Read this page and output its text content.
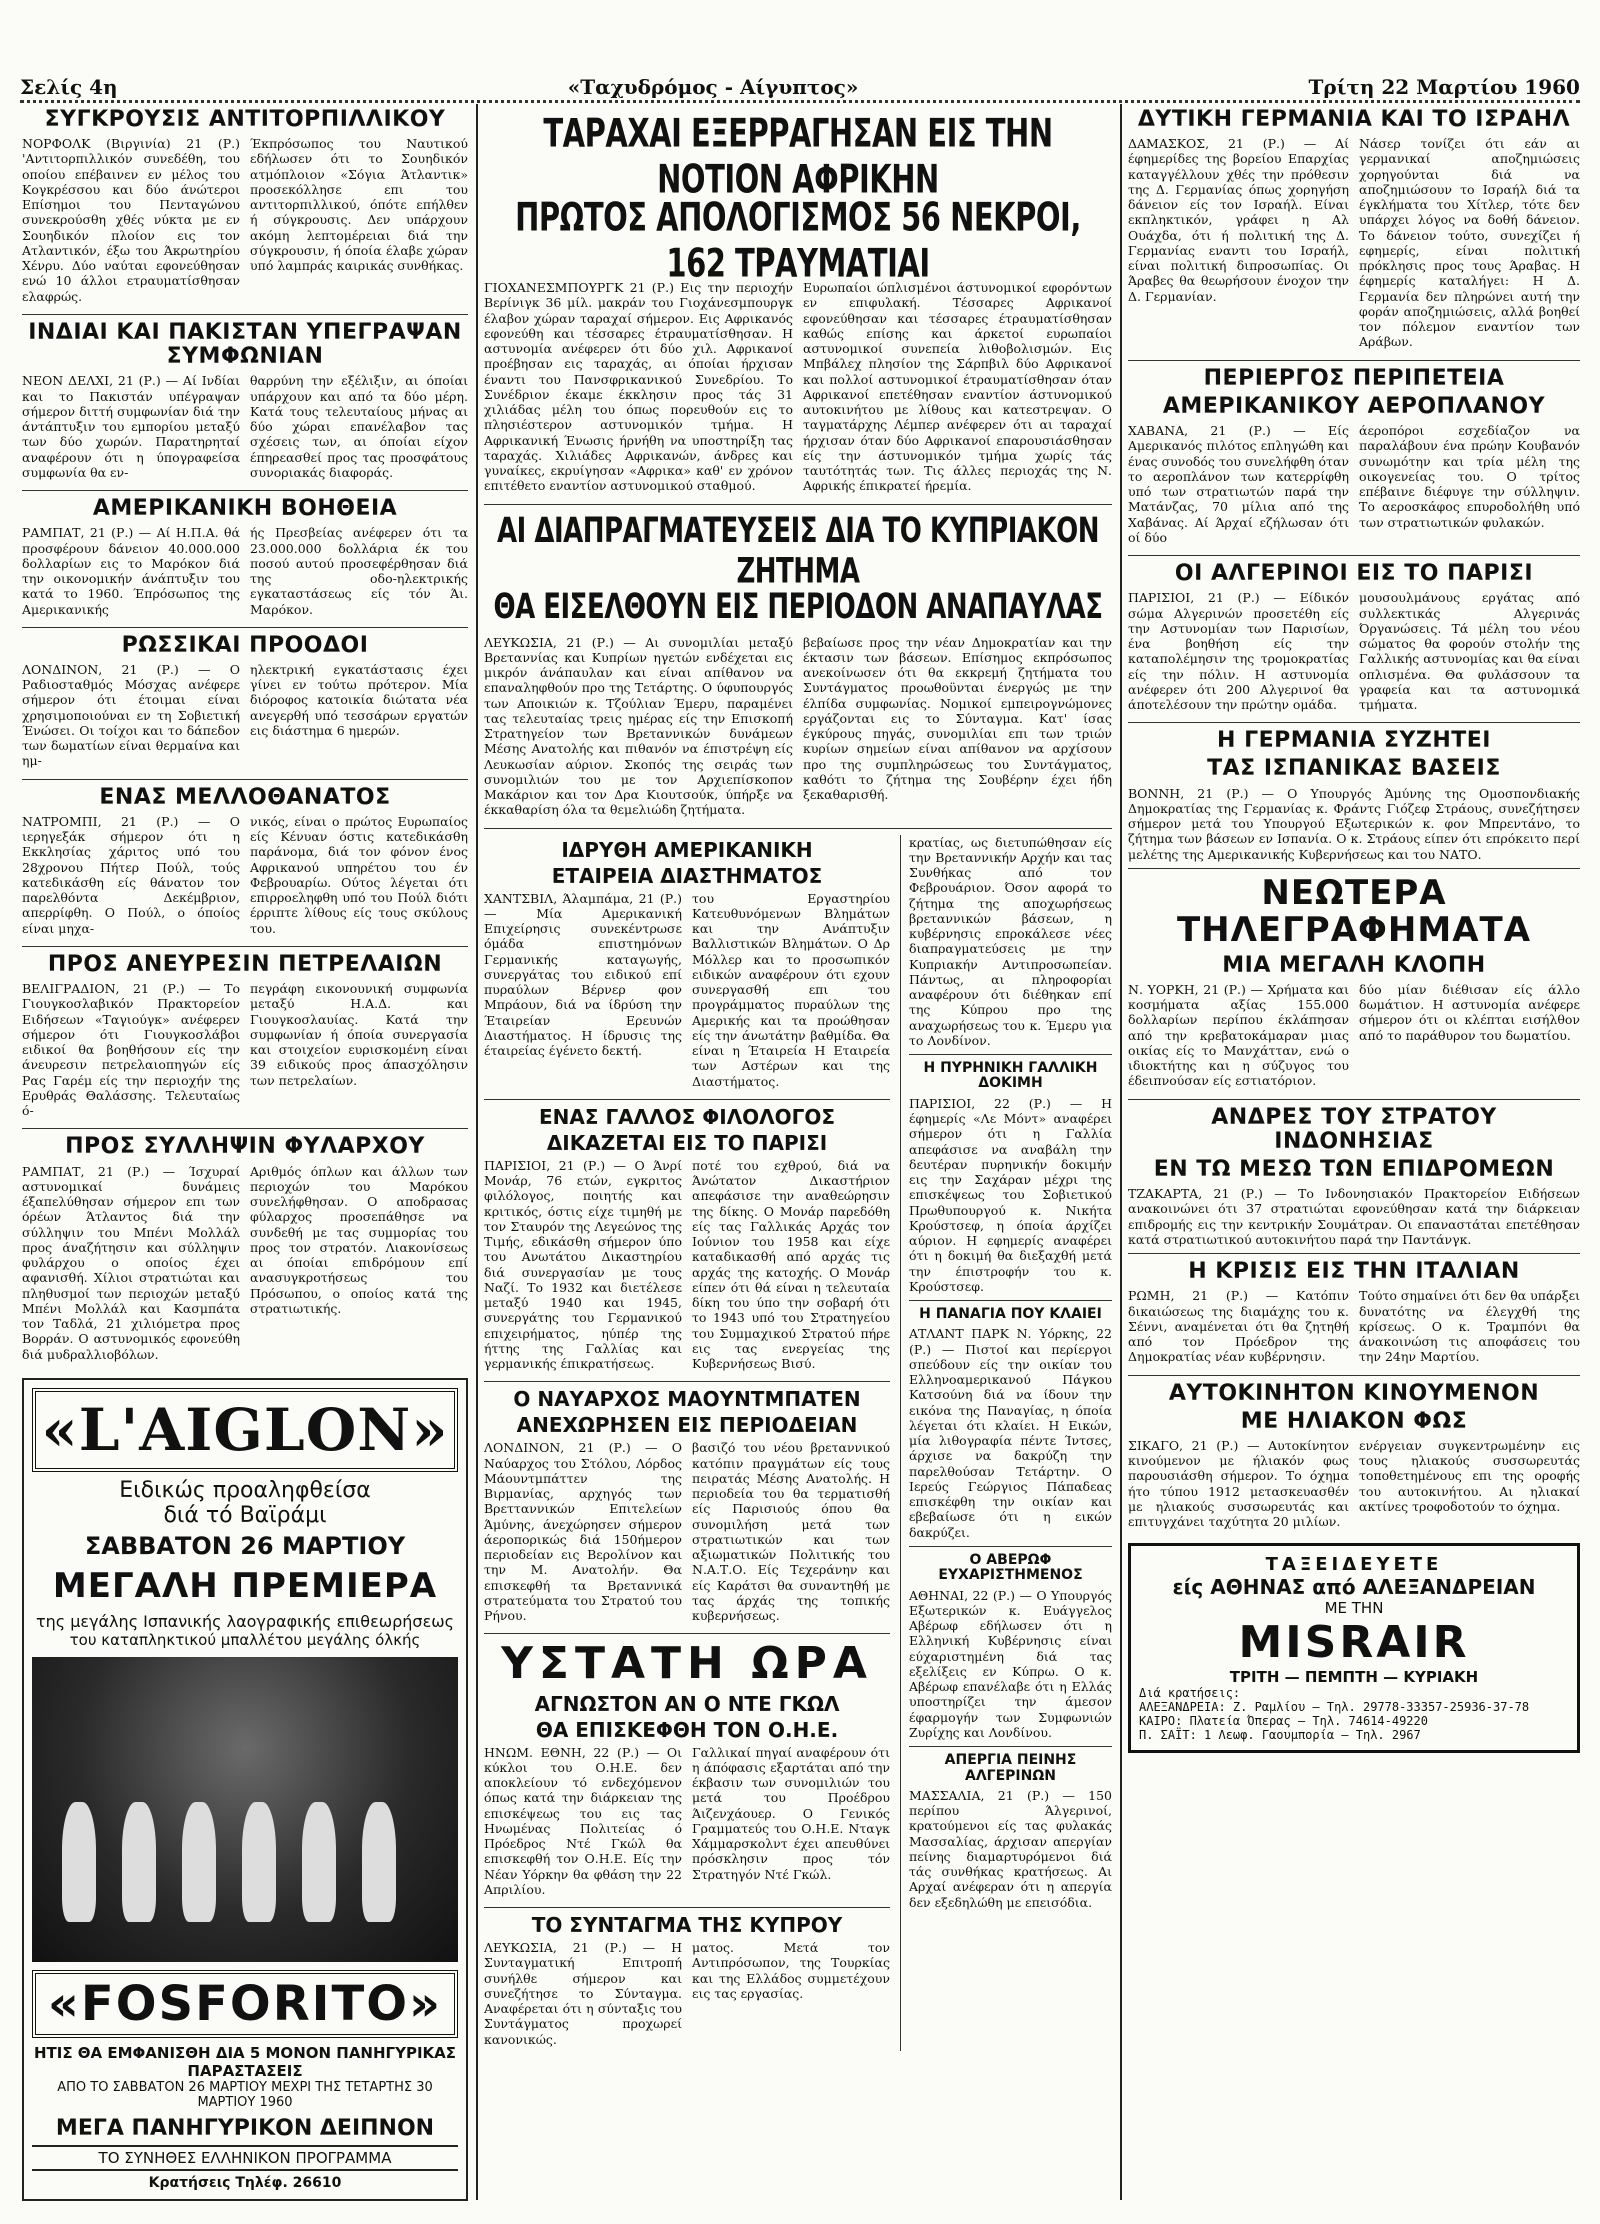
Σελίς 4η	«Ταχυδρόμος - Αίγυπτος»	Τρίτη 22 Μαρτίου 1960
ΣΥΓΚΡΟΥΣΙΣ ΑΝΤΙΤΟΡΠΙΛΛΙΚΟΥ
ΝΟΡΦΟΛΚ (Βιργινία) 21 (Ρ.) 'Αντιτορπιλλικόν συνεδέθη, του οποίου επέβαινεν εν μέλος του Κογκρέσσου και δύο άνώτεροι Επίσημοι του Πενταγώνου συνεκρούσθη χθές νύκτα με εν Σουηδικόν πλοίον εις τον Ατλαντικόν, έξω του Άκρωτηρίου Χένρυ. Δύο ναύται εφονεύθησαν ενώ 10 άλλοι ετραυματίσθησαν ελαφρώς.
Έκπρόσωπος του Ναυτικού εδήλωσεν ότι το Σουηδικόν ατμόπλοιον «Σόγια Άτλαντικ» προσεκόλλησε επι του αντιτορπιλλικού, όπότε επήλθεν ή σύγκρουσις. Δεν υπάρχουν ακόμη λεπτομέρειαι διά την σύγκρουσιν, ή όποία έλαβε χώραν υπό λαμπράς καιρικάς συνθήκας.
ΙΝΔΙΑΙ ΚΑΙ ΠΑΚΙΣΤΑΝ ΥΠΕΓΡΑΨΑΝ ΣΥΜΦΩΝΙΑΝ
ΝΕΟΝ ΔΕΛΧΙ, 21 (Ρ.) — Αί Ινδίαι και το Πακιστάν υπέγραψαν σήμερον διττή συμφωνίαν διά την άντάπτυξιν του εμπορίου μεταξύ των δύο χωρών. Παρατηρηταί αναφέρουν ότι η ύπογραφείσα συμφωνία θα εν-
θαρρύνη την εξέλιξιν, αι όποίαι υπάρχουν και από τα δύο μέρη. Κατά τους τελευταίους μήνας αι δύο χώραι επανέλαβον τας σχέσεις των, αι όποίαι είχον έπηρεασθεί προς τας προσφάτους συνοριακάς διαφοράς.
ΑΜΕΡΙΚΑΝΙΚΗ ΒΟΗΘΕΙΑ
ΡΑΜΠΑΤ, 21 (Ρ.) — Αί Η.Π.Α. θά προσφέρουν δάνειον 40.000.000 δολλαρίων εις το Μαρόκον διά την οικονομικήν άνάπτυξιν του κατά το 1960. Έπρόσωπος της Αμερικανικής
ής Πρεσβείας ανέφερεν ότι τα 23.000.000 δολλάρια έκ του ποσού αυτού προσεφέρθησαν διά της οδο-ηλεκτρικής εγκαταστάσεως είς τόν Άι. Μαρόκον.
ΡΩΣΣΙΚΑΙ ΠΡΟΟΔΟΙ
ΛΟΝΔΙΝΟΝ, 21 (Ρ.) — Ο Ραδιοσταθμός Μόσχας ανέφερε σήμερον ότι έτοιμαι είναι χρησιμοποιούναι εν τη Σοβιετική Ένώσει. Οι τοίχοι και το δάπεδον των δωματίων είναι θερμαίνα και ημ-
ηλεκτρική εγκατάστασις έχει γίνει εν τούτω πρότερον. Μία διόροφος κατοικία διώτατα νέα ανεγερθή υπό τεσσάρων εργατών εις διάστημα 6 ημερών.
ΕΝΑΣ ΜΕΛΛΟΘΑΝΑΤΟΣ
ΝΑΤΡΟΜΠΙ, 21 (Ρ.) — Ο ιερηγεξάκ σήμερον ότι η Εκκλησίας χάριτος υπό του 28χρονου Πήτερ Πούλ, τούς κατεδικάσθη είς θάνατον τον παρελθόντα Δεκέμβριον, απερρίφθη. Ο Πούλ, ο όποίος είναι μηχα-
νικός, είναι ο πρώτος Ευρωπαίος είς Κένυαν όστις κατεδικάσθη παράνομα, διά τον φόνον ένος Αφρικανού υπηρέτου του έν Φεβρουαρίω. Ούτος λέγεται ότι επιρροεληφθη υπό του Πούλ διότι έρριπτε λίθους είς τους σκύλους του.
ΠΡΟΣ ΑΝΕΥΡΕΣΙΝ ΠΕΤΡΕΛΑΙΩΝ
ΒΕΛΙΓΡΑΔΙΟΝ, 21 (Ρ.) — Το Γιουγκοσλαβικόν Πρακτορείον Ειδήσεων «Ταγιούγκ» ανέφερεν σήμερον ότι Γιουγκοσλάβοι ειδικοί θα βοηθήσουν είς την άνευρεσιν πετρελαιοπηγών είς Ρας Γαρέμ είς την περιοχήν της Ερυθράς Θαλάσσης. Τελευταίως ό-
πεγράφη εικονουνική συμφωνία μεταξύ Η.Α.Δ. και Γιουγκοσλαυίας. Κατά την συμφωνίαν ή όποία συνεργασία και στοιχείον ευρισκομένη είναι 39 ειδικούς προς άπασχόλησιν των πετρελαίων.
ΠΡΟΣ ΣΥΛΛΗΨΙΝ ΦΥΛΑΡΧΟΥ
ΡΑΜΠΑΤ, 21 (Ρ.) — Ίσχυραί αστυνομικαί δυνάμεις έξαπελύθησαν σήμερον επι των όρέων Άτλαντος διά την σύλληψιν του Μπένι Μολλάλ προς άναζήτησιν και σύλληψιν φυλάρχου ο οποίος έχει αφανισθή. Χίλιοι στρατιώται και πληθυσμοί των περιοχών μεταξύ Μπένι Μολλάλ και Κασμπάτα τον Ταδλά, 21 χιλιόμετρα προς Βορράν. Ο αστυνομικός εφονεύθη διά μυδραλλιοβόλων.
Αριθμός όπλων και άλλων των περιοχών του Μαρόκου συνελήφθησαν. Ο αποδρασας φύλαρχος προσεπάθησε να συνδεθή με τας συμμορίας του προς τον στρατόν. Λιακονίσεως αι όποίαι επιδρόμουν επί ανασυγκροτήσεως του Πρόσωπου, ο οποίος κατά της στρατιωτικής.
«L'AIGLON»
Ειδικώς προαληφθείσα
διά τό Βαϊράμι
ΣΑΒΒΑΤΟΝ 26 ΜΑΡΤΙΟΥ
ΜΕΓΑΛΗ ΠΡΕΜΙΕΡΑ
της μεγάλης Ισπανικής λαογραφικής επιθεωρήσεως
του καταπληκτικού μπαλλέτου μεγάλης όλκής
«FOSFORITO»
ΗΤΙΣ ΘΑ ΕΜΦΑΝΙΣΘΗ ΔΙΑ 5 ΜΟΝΟΝ ΠΑΝΗΓΥΡΙΚΑΣ ΠΑΡΑΣΤΑΣΕΙΣ
ΑΠΟ ΤΟ ΣΑΒΒΑΤΟΝ 26 ΜΑΡΤΙΟΥ ΜΕΧΡΙ ΤΗΣ ΤΕΤΑΡΤΗΣ 30 ΜΑΡΤΙΟΥ 1960
ΜΕΓΑ ΠΑΝΗΓΥΡΙΚΟΝ ΔΕΙΠΝΟΝ
ΤΟ ΣΥΝΗΘΕΣ ΕΛΛΗΝΙΚΟΝ ΠΡΟΓΡΑΜΜΑ
Κρατήσεις Τηλέφ. 26610
ΤΑΡΑΧΑΙ ΕΞΕΡΡΑΓΗΣΑΝ ΕΙΣ ΤΗΝ ΝΟΤΙΟΝ ΑΦΡΙΚΗΝ
ΠΡΩΤΟΣ ΑΠΟΛΟΓΙΣΜΟΣ 56 ΝΕΚΡΟΙ, 162 ΤΡΑΥΜΑΤΙΑΙ
ΓΙΟΧΑΝΕΣΜΠΟΥΡΓΚ 21 (Ρ.) Εις την περιοχήν Βερίνιγκ 36 μίλ. μακράν του Γιοχάνεσμπουργκ έλαβον χώραν ταραχαί σήμερον. Εις Αφρικανός εφονεύθη και τέσσαρες έτραυματίσθησαν. Η αστυνομία ανέφερεν ότι δύο χιλ. Αφρικανοί προέβησαν εις ταραχάς, αι όποίαι ήρχισαν έναντι του Πανσφρικανικού Συνεδρίου. Το Συνέδριον έκαμε έκκλησιν προς τάς 31 χιλιάδας μέλη του όπως πορευθούν εις το πλησιέστερον αστυνομικόν τμήμα. Η Αφρικανική Ένωσις ήρνήθη να υποστηρίξη τας ταραχάς. Χιλιάδες Αφρικανών, άνδρες και γυναίκες, εκρυίγησαν «Αφρικα» καθ' εν χρόνον επιτέθετο εναντίον αστυνομικού σταθμού.
Ευρωπαίοι ώπλισμένοι άστυνομικοί εφορόντων εν επιφυλακή. Τέσσαρες Αφρικανοί εφονεύθησαν και τέσσαρες έτραυματίσθησαν καθώς επίσης και άρκετοί ευρωπαίοι αστυνομικοί συνεπεία λιθοβολισμών. Εις Μπβάλεχ πλησίον της Σάρπβιλ δύο Αφρικανοί και πολλοί αστυνομικοί έτραυματίσθησαν όταν Αφρικανοί επετέθησαν εναντίον άστυνομικού αυτοκινήτου με λίθους και κατεστρεψαν. Ο ταγματάρχης Λέμπερ ανέφερεν ότι αι ταραχαί ήρχισαν όταν δύο Αφρικανοί επαρουσιάσθησαν είς την άστυνομικόν τμήμα χωρίς τάς ταυτότητάς των. Τις άλλες περιοχάς της Ν. Αφρικής έπικρατεί ήρεμία.
ΑΙ ΔΙΑΠΡΑΓΜΑΤΕΥΣΕΙΣ ΔΙΑ ΤΟ ΚΥΠΡΙΑΚΟΝ ΖΗΤΗΜΑ
ΘΑ ΕΙΣΕΛΘΟΥΝ ΕΙΣ ΠΕΡΙΟΔΟΝ ΑΝΑΠΑΥΛΑΣ
ΛΕΥΚΩΣΙΑ, 21 (Ρ.) — Αι συνομιλίαι μεταξύ Βρεταννίας και Κυπρίων ηγετών ενδέχεται εις μικρόν άνάπαυλαν και είναι απίθανον να επαναληφθούν προ της Τετάρτης. Ο ύφυπουργός των Αποικιών κ. Τζούλιαν Έμερυ, παραμένει τας τελευταίας τρεις ημέρας είς την Επισκοπή Στρατηγείον των Βρεταννικών δυνάμεων Μέσης Ανατολής και πιθανόν να έπιστρέψη είς Λευκωσίαν αύριον. Σκοπός της σειράς των συνομιλιών του με τον Αρχιεπίσκοπον Μακάριον και τον Δρα Κιουτσούκ, ύπήρξε να έκκαθαρίση όλα τα θεμελιώδη ζητήματα.
βεβαίωσε προς την νέαν Δημοκρατίαν και την έκτασιν των βάσεων. Επίσημος εκπρόσωπος ανεκοίνωσεν ότι θα εκκρεμή ζητήματα του Συντάγματος προωθοϋνται ένεργώς με την έλπίδα συμφωνίας. Νομικοί εμπειρογνώμονες εργάζονται εις το Σύνταγμα. Κατ' ίσας έγκύρους πηγάς, συνομιλίαι επι των τριών κυρίων σημείων είναι απίθανον να αρχίσουν προ της συμπληρώσεως του Συντάγματος, καθότι το ζήτημα της Σουβέρην έχει ήδη ξεκαθαρισθή.
ΙΔΡΥΘΗ ΑΜΕΡΙΚΑΝΙΚΗ
ΕΤΑΙΡΕΙΑ ΔΙΑΣΤΗΜΑΤΟΣ
ΧΑΝΤΣΒΙΛ, Άλαμπάμα, 21 (Ρ.) — Μία Αμερικανική Επιχείρησις συνεκέντρωσε όμάδα επιστημόνων Γερμανικής καταγωγής, συνεργάτας του ειδικού επί πυραύλων Βέρνερ φον Μπράουν, διά να ίδρύση την Έταιρείαν Ερευνών Διαστήματος. Η ίδρυσις της έταιρείας έγένετο δεκτή.
του Εργαστηρίου Κατευθυνόμενων Βλημάτων και την Ανάπτυξιν Βαλλιστικών Βλημάτων. Ο Δρ Μόλλερ και το προσωπικόν ειδικών αναφέρουν ότι εχουν συνεργασθή επι του προγράμματος πυραύλων της Αμερικής και τα προώθησαν είς την άνωτάτην βαθμίδα. Θα είναι η Έταιρεία Η Εταιρεία των Αστέρων και της Διαστήματος.
ΕΝΑΣ ΓΑΛΛΟΣ ΦΙΛΟΛΟΓΟΣ
ΔΙΚΑΖΕΤΑΙ ΕΙΣ ΤΟ ΠΑΡΙΣΙ
ΠΑΡΙΣΙΟΙ, 21 (Ρ.) — Ο Άνρί Μονάρ, 76 ετών, εγκριτος φιλόλογος, ποιητής και κριτικός, όστις είχε τιμηθή με τον Σταυρόν της Λεγεώνος της Τιμής, εδικάσθη σήμερον ύπο του Ανωτάτου Δικαστηρίου διά συνεργασίαν με τους Ναζί. Το 1932 και διετέλεσε μεταξύ 1940 και 1945, συνεργάτης του Γερμανικού επιχειρήματος, ηύπέρ της ήττης της Γαλλίας και γερμανικής έπικρατήσεως.
ποτέ του εχθρού, διά να Άνώτατον Δικαστήριον απεφάσισε την αναθεώρησιν της δίκης. Ο Μονάρ παρεδόθη είς τας Γαλλικάς Αρχάς τον Ιούνιον του 1958 και είχε καταδικασθή από αρχάς τις αρχάς της κατοχής. Ο Μονάρ είπεν ότι θά είναι η τελευταία δίκη του ύπο την σοβαρή ότι το 1943 υπό του Στρατηγείου του Συμμαχικού Στρατού πήρε εις τας ενεργείας της Κυβερνήσεως Βισύ.
Ο ΝΑΥΑΡΧΟΣ ΜΑΟΥΝΤΜΠΑΤΕΝ
ΑΝΕΧΩΡΗΣΕΝ ΕΙΣ ΠΕΡΙΟΔΕΙΑΝ
ΛΟΝΔΙΝΟΝ, 21 (Ρ.) — Ο Ναύαρχος του Στόλου, Λόρδος Μάουντμπάττεν της Βιρμανίας, αρχηγός των Βρετταννικών Επιτελείων Άμύνης, άνεχώρησεν σήμερον άεροπορικώς διά 150ήμερον περιοδείαν εις Βερολίνον και την Μ. Ανατολήν. Θα επισκεφθή τα Βρεταννικά στρατεύματα του Στρατού του Ρήνου.
βασιζό του νέου βρεταννικού κατόπιν πραγμάτων είς τους πειρατάς Μέσης Ανατολής. Η περιοδεία του θα τερματισθή είς Παρισιούς όπου θα συνομιλήση μετά των στρατιωτικών και των αξιωματικών Πολιτικής του Ν.Α.Τ.Ο. Είς Τεχεράνην και είς Καράτσι θα συναντηθή με τας άρχάς της τοπικής κυβερνήσεως.
ΥΣΤΑΤΗ ΩΡΑ
ΑΓΝΩΣΤΟΝ ΑΝ Ο ΝΤΕ ΓΚΩΛ
ΘΑ ΕΠΙΣΚΕΦΘΗ ΤΟΝ Ο.Η.Ε.
ΗΝΩΜ. ΕΘΝΗ, 22 (Ρ.) — Οι κύκλοι του Ο.Η.Ε. δεν αποκλείουν τό ενδεχόμενον όπως κατά την διάρκειαν της επισκέψεως του εις τας Ηνωμένας Πολιτείας ό Πρόεδρος Ντέ Γκώλ θα επισκεφθή τον Ο.Η.Ε. Είς την Νέαν Υόρκην θα φθάση την 22 Απριλίου.
Γαλλικαί πηγαί αναφέρουν ότι η άπόφασις εξαρτάται από την έκβασιν των συνομιλιών του μετά του Προέδρου Άιζενχάουερ. Ο Γενικός Γραμματεύς του Ο.Η.Ε. Νταγκ Χάμμαρσκολντ έχει απευθύνει πρόσκλησιν προς τόν Στρατηγόν Ντέ Γκώλ.
ΤΟ ΣΥΝΤΑΓΜΑ ΤΗΣ ΚΥΠΡΟΥ
ΛΕΥΚΩΣΙΑ, 21 (Ρ.) — Η Συνταγματική Επιτροπή συνήλθε σήμερον και συνεζήτησε το Σύνταγμα. Αναφέρεται ότι η σύνταξις του Συντάγματος προχωρεί κανονικώς.
ματος. Μετά τον Αντιπρόσωπον, της Τουρκίας και της Ελλάδος συμμετέχουν εις τας εργασίας.
κρατίας, ως διετυπώθησαν είς την Βρεταννικήν Αρχήν και τας Συνθήκας από τον Φεβρουάριον. Όσον αφορά το ζήτημα της αποχωρήσεως βρεταννικών βάσεων, η κυβέρνησις επροκάλεσε νέες διαπραγματεύσεις με την Κυπριακήν Αντιπροσωπείαν. Πάντως, αι πληροφορίαι αναφέρουν ότι διέθηκαν επί της Κύπρου προ της αναχωρήσεως του κ. Έμερυ για το Λονδίνον.
Η ΠΥΡΗΝΙΚΗ ΓΑΛΛΙΚΗ ΔΟΚΙΜΗ
ΠΑΡΙΣΙΟΙ, 22 (Ρ.) — Η έφημερίς «Λε Μόντ» αναφέρει σήμερον ότι η Γαλλία απεφάσισε να αναβάλη την δευτέραν πυρηνικήν δοκιμήν εις την Σαχάραν μέχρι της επισκέψεως του Σοβιετικού Πρωθυπουργού κ. Νικήτα Κρούστσεφ, η όποία άρχίζει αύριον. Η εφημερίς αναφέρει ότι η δοκιμή θα διεξαχθή μετά την έπιστροφήν του κ. Κρούστσεφ.
Η ΠΑΝΑΓΙΑ ΠΟΥ ΚΛΑΙΕΙ
ΑΤΛΑΝΤ ΠΑΡΚ Ν. Υόρκης, 22 (Ρ.) — Πιστοί και περίεργοι σπεύδουν είς την οικίαν του Ελληνοαμερικανού Πάγκου Κατσούνη διά να ίδουν την εικόνα της Παναγίας, η όποία λέγεται ότι κλαίει. Η Εικών, μία λιθογραφία πέντε Ίντσες, άρχισε να δακρύζη την παρελθούσαν Τετάρτην. Ο Ιερεύς Γεώργιος Πάπαδεας επισκέφθη την οικίαν και εβεβαίωσε ότι η εικών δακρύζει.
Ο ΑΒΕΡΩΦ ΕΥΧΑΡΙΣΤΗΜΕΝΟΣ
ΑΘΗΝΑΙ, 22 (Ρ.) — Ο Υπουργός Εξωτερικών κ. Ευάγγελος Αβέρωφ εδήλωσεν ότι η Ελληνική Κυβέρνησις είναι εύχαριστημένη διά τας εξελίξεις εν Κύπρω. Ο κ. Αβέρωφ επανέλαβε ότι η Ελλάς υποστηρίζει την άμεσον έφαρμογήν των Συμφωνιών Ζυρίχης και Λονδίνου.
ΑΠΕΡΓΙΑ ΠΕΙΝΗΣ ΑΛΓΕΡΙΝΩΝ
ΜΑΣΣΑΛΙΑ, 21 (Ρ.) — 150 περίπου Άλγερινοί, κρατούμενοι είς τας φυλακάς Μασσαλίας, άρχισαν απεργίαν πείνης διαμαρτυρόμενοι διά τάς συνθήκας κρατήσεως. Αι Αρχαί ανέφεραν ότι η απεργία δεν εξεδηλώθη με επεισόδια.
ΔΥΤΙΚΗ ΓΕΡΜΑΝΙΑ ΚΑΙ ΤΟ ΙΣΡΑΗΛ
ΔΑΜΑΣΚΟΣ, 21 (Ρ.) — Αί έφημερίδες της βορείου Επαρχίας καταγγέλλουν χθές την πρόθεσιν της Δ. Γερμανίας όπως χορηγήση δάνειον είς τον Ισραήλ. Είναι εκπληκτικόν, γράφει η Αλ Ουάχδα, ότι ή πολιτική της Δ. Γερμανίας εναντι του Ισραήλ, είναι πολιτική διπροσωπίας. Οι Άραβες θα θεωρήσουν ένοχον την Δ. Γερμανίαν.
Νάσερ τονίζει ότι εάν αι γερμανικαί αποζημιώσεις χορηγούνται διά να αποζημιώσουν το Ισραήλ διά τα έγκλήματα του Χίτλερ, τότε δεν υπάρχει λόγος να δοθή δάνειον. Το δάνειον τούτο, συνεχίζει ή εφημερίς, είναι πολιτική πρόκλησις προς τους Άραβας. Η έφημερίς καταλήγει: Η Δ. Γερμανία δεν πληρώνει αυτή την φοράν αποζημιώσεις, αλλά βοηθεί τον πόλεμον εναντίον των Αράβων.
ΠΕΡΙΕΡΓΟΣ ΠΕΡΙΠΕΤΕΙΑ
ΑΜΕΡΙΚΑΝΙΚΟΥ ΑΕΡΟΠΛΑΝΟΥ
ΧΑΒΑΝΑ, 21 (Ρ.) — Είς Αμερικανός πιλότος επληγώθη και ένας συνοδός του συνελήφθη όταν το αεροπλάνον των κατερρίφθη υπό των στρατιωτών παρά την Ματάνζας, 70 μίλια από της Χαβάνας. Αί Άρχαί εζήλωσαν ότι οί δύο
άεροπόροι εσχεδίαζον να παραλάβουν ένα πρώην Κουβανόν συνωμότην και τρία μέλη της οικογενείας του. Ο τρίτος επέβαινε διέφυγε την σύλληψιν. Το αεροσκάφος επυροδολήθη υπό των στρατιωτικών φυλακών.
ΟΙ ΑΛΓΕΡΙΝΟΙ ΕΙΣ ΤΟ ΠΑΡΙΣΙ
ΠΑΡΙΣΙΟΙ, 21 (Ρ.) — Είδικόν σώμα Αλγερινών προσετέθη είς την Αστυνομίαν των Παρισίων, ένα βοηθήση είς την καταπολέμησιν της τρομοκρατίας είς την πόλιν. Η αστυνομία ανέφερεν ότι 200 Αλγερινοί θα άποτελέσουν την πρώτην ομάδα.
μουσουλμάνους εργάτας από συλλεκτικάς Αλγερινάς Όργανώσεις. Τά μέλη του νέου σώματος θα φορούν στολήν της Γαλλικής αστυνομίας και θα είναι οπλισμένα. Θα φυλάσσουν τα γραφεία και τα αστυνομικά τμήματα.
Η ΓΕΡΜΑΝΙΑ ΣΥΖΗΤΕΙ
ΤΑΣ ΙΣΠΑΝΙΚΑΣ ΒΑΣΕΙΣ
ΒΟΝΝΗ, 21 (Ρ.) — Ο Υπουργός Άμύνης της Ομοσπονδιακής Δημοκρατίας της Γερμανίας κ. Φράντς Γιόζεφ Στράους, συνεζήτησεν σήμερον μετά του Υπουργού Εξωτερικών κ. φον Μπρεντάνο, το ζήτημα των βάσεων εν Ισπανία. Ο κ. Στράους είπεν ότι επρόκειτο περί μελέτης της Αμερικανικής Κυβερνήσεως και του ΝΑΤΟ.
ΝΕΩΤΕΡΑ ΤΗΛΕΓΡΑΦΗΜΑΤΑ
ΜΙΑ ΜΕΓΑΛΗ ΚΛΟΠΗ
Ν. ΥΟΡΚΗ, 21 (Ρ.) — Χρήματα και κοσμήματα αξίας 155.000 δολλαρίων περίπου έκλάπησαν από την κρεβατοκάμαραν μιας οικίας είς το Μανχάτταν, ενώ ο ιδιοκτήτης και η σύζυγος του έδειπνούσαν είς εστιατόριον.
δύο μίαν διέθισαν είς άλλο δωμάτιον. Η αστυνομία ανέφερε σήμερον ότι οι κλέπται εισήλθον από το παράθυρον του δωματίου.
ΑΝΔΡΕΣ ΤΟΥ ΣΤΡΑΤΟΥ ΙΝΔΟΝΗΣΙΑΣ
ΕΝ ΤΩ ΜΕΣΩ ΤΩΝ ΕΠΙΔΡΟΜΕΩΝ
ΤΖΑΚΑΡΤΑ, 21 (Ρ.) — Το Ινδονησιακόν Πρακτορείον Ειδήσεων ανακοινώνει ότι 37 στρατιώται εφονεύθησαν κατά την διάρκειαν επιδρομής εις την κεντρικήν Σουμάτραν. Οι επαναστάται επετέθησαν κατά στρατιωτικού αυτοκινήτου παρά την Παντάνγκ.
Η ΚΡΙΣΙΣ ΕΙΣ ΤΗΝ ΙΤΑΛΙΑΝ
ΡΩΜΗ, 21 (Ρ.) — Κατόπιν δικαιώσεως της διαμάχης του κ. Σέννι, αναμένεται ότι θα ζητηθή από τον Πρόεδρον της Δημοκρατίας νέαν κυβέρνησιν.
Τούτο σημαίνει ότι δεν θα υπάρξει δυνατότης να έλεγχθή της κρίσεως. Ο κ. Τραμπόνι θα άνακοινώση τις αποφάσεις του την 24ην Μαρτίου.
ΑΥΤΟΚΙΝΗΤΟΝ ΚΙΝΟΥΜΕΝΟΝ
ΜΕ ΗΛΙΑΚΟΝ ΦΩΣ
ΣΙΚΑΓΟ, 21 (Ρ.) — Αυτοκίνητον κινούμενον με ήλιακόν φως παρουσιάσθη σήμερον. Το όχημα ήτο τύπου 1912 μετασκευασθέν με ηλιακούς συσσωρευτάς και επιτυγχάνει ταχύτητα 20 μιλίων.
ενέργειαν συγκεντρωμένην εις τους ηλιακούς συσσωρευτάς τοποθετημένους επι της οροφής του αυτοκινήτου. Αι ηλιακαί ακτίνες τροφοδοτούν το όχημα.
ΤΑΞΕΙΔΕΥΕΤΕ
είς ΑΘΗΝΑΣ από ΑΛΕΞΑΝΔΡΕΙΑΝ
ΜΕ ΤΗΝ
MISRAIR
ΤΡΙΤΗ — ΠΕΜΠΤΗ — ΚΥΡΙΑΚΗ
Διά κρατήσεις:
ΑΛΕΞΑΝΔΡΕΙΑ: Ζ. Ραμλίου — Τηλ. 29778-33357-25936-37-78
ΚΑΙΡΟ: Πλατεία Όπερας — Τηλ. 74614-49220
Π. ΣΑΪΤ: 1 Λεωφ. Γαουμπορία — Τηλ. 2967
